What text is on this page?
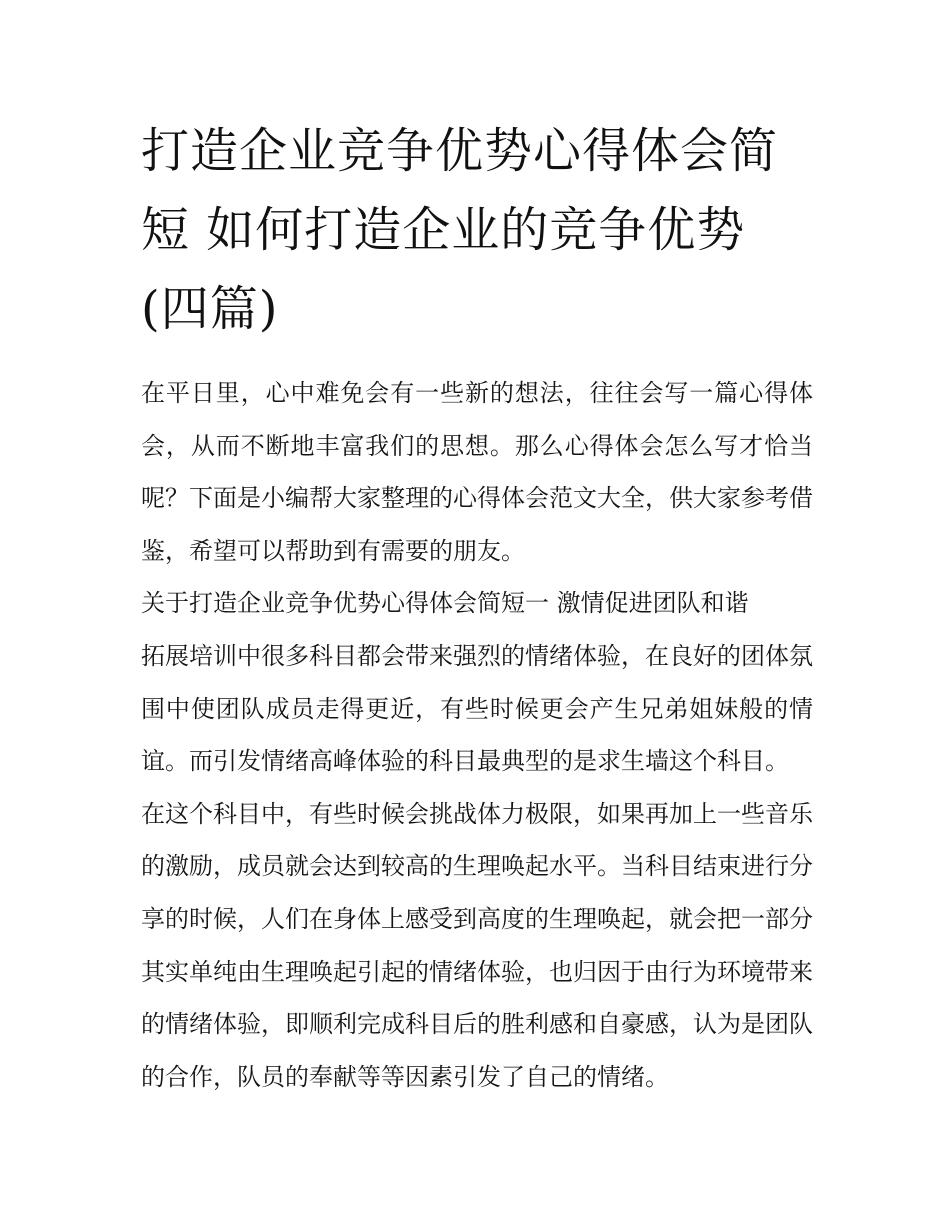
打造企业竞争优势心得体会简短 如何打造企业的竞争优势(四篇)

在平日里，心中难免会有一些新的想法，往往会写一篇心得体会，从而不断地丰富我们的思想。那么心得体会怎么写才恰当呢？下面是小编帮大家整理的心得体会范文大全，供大家参考借鉴，希望可以帮助到有需要的朋友。

关于打造企业竞争优势心得体会简短一 激情促进团队和谐

拓展培训中很多科目都会带来强烈的情绪体验，在良好的团体氛围中使团队成员走得更近，有些时候更会产生兄弟姐妹般的情谊。而引发情绪高峰体验的科目最典型的是求生墙这个科目。

在这个科目中，有些时候会挑战体力极限，如果再加上一些音乐的激励，成员就会达到较高的生理唤起水平。当科目结束进行分享的时候，人们在身体上感受到高度的生理唤起，就会把一部分其实单纯由生理唤起引起的情绪体验，也归因于由行为环境带来的情绪体验，即顺利完成科目后的胜利感和自豪感，认为是团队的合作，队员的奉献等等因素引发了自己的情绪。
